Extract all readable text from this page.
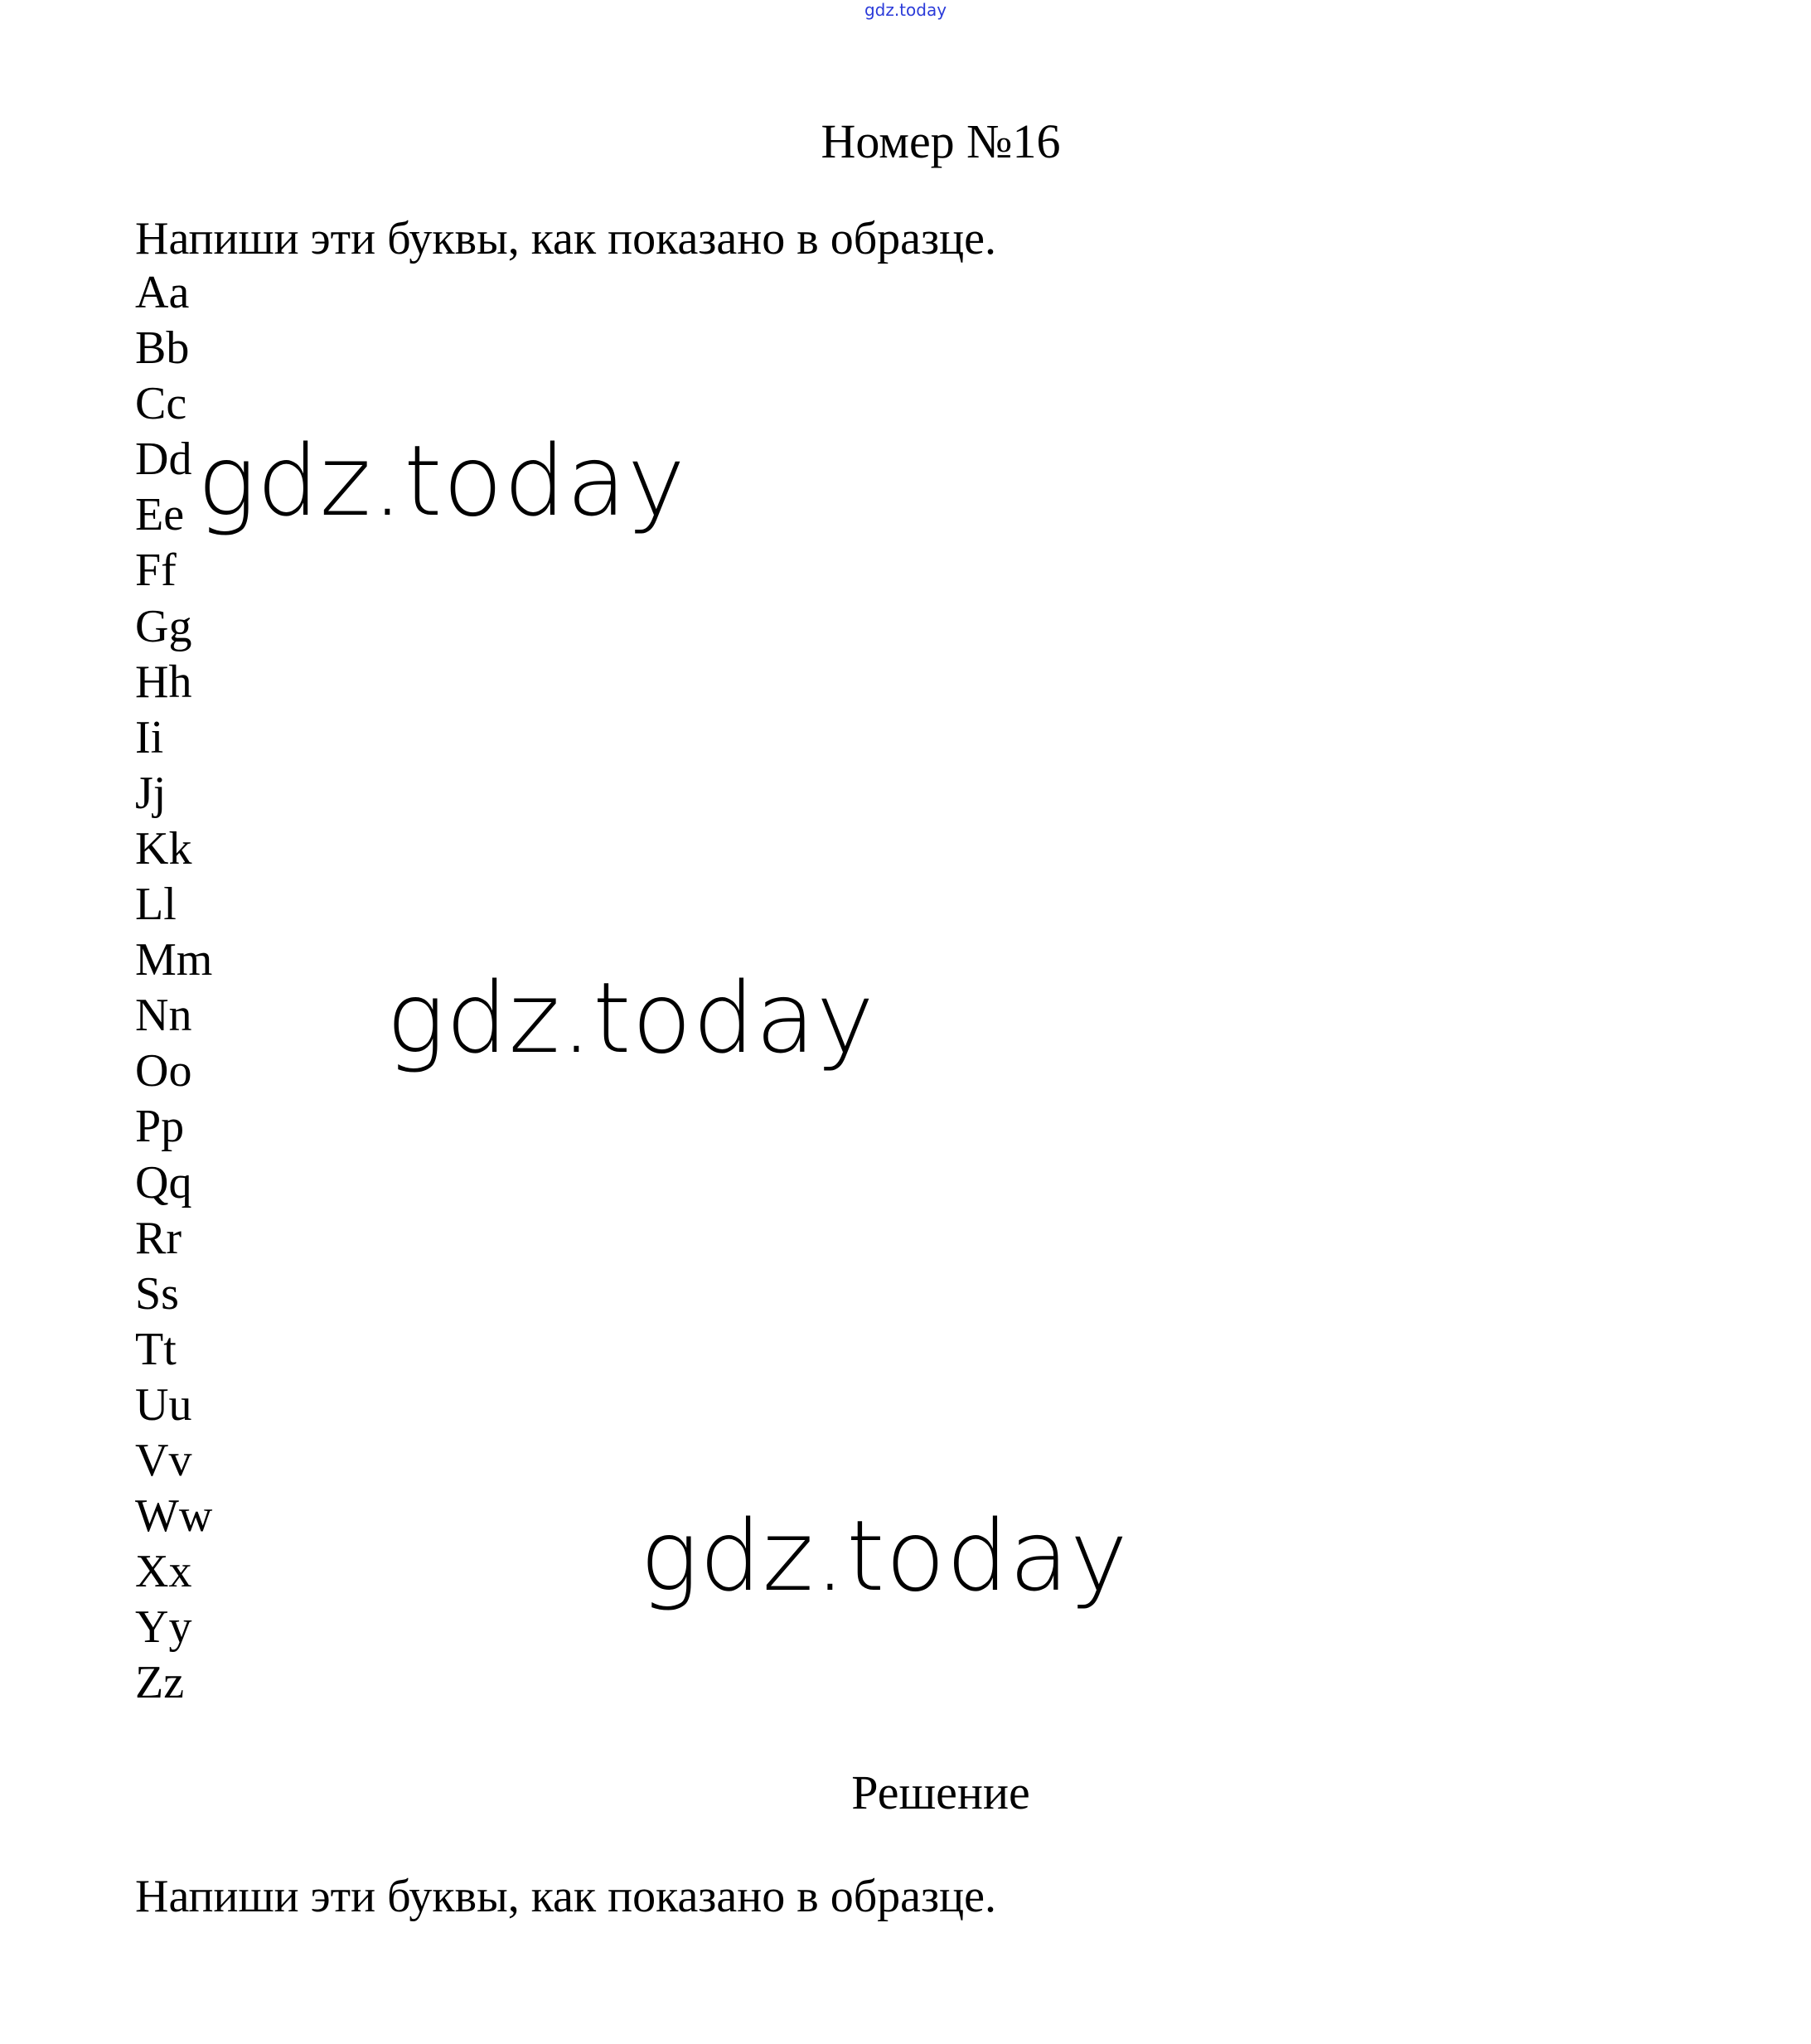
gdz.today
Номер №16
Напиши эти буквы, как показано в образце.
Aa
Bb
Cc
Dd
Ee
Ff
Gg
Hh
Ii
Jj
Kk
Ll
Mm
Nn
Oo
Pp
Qq
Rr
Ss
Tt
Uu
Vv
Ww
Xx
Yy
Zz
gdz.today
gdz.today
gdz.today
Решение
Напиши эти буквы, как показано в образце.
